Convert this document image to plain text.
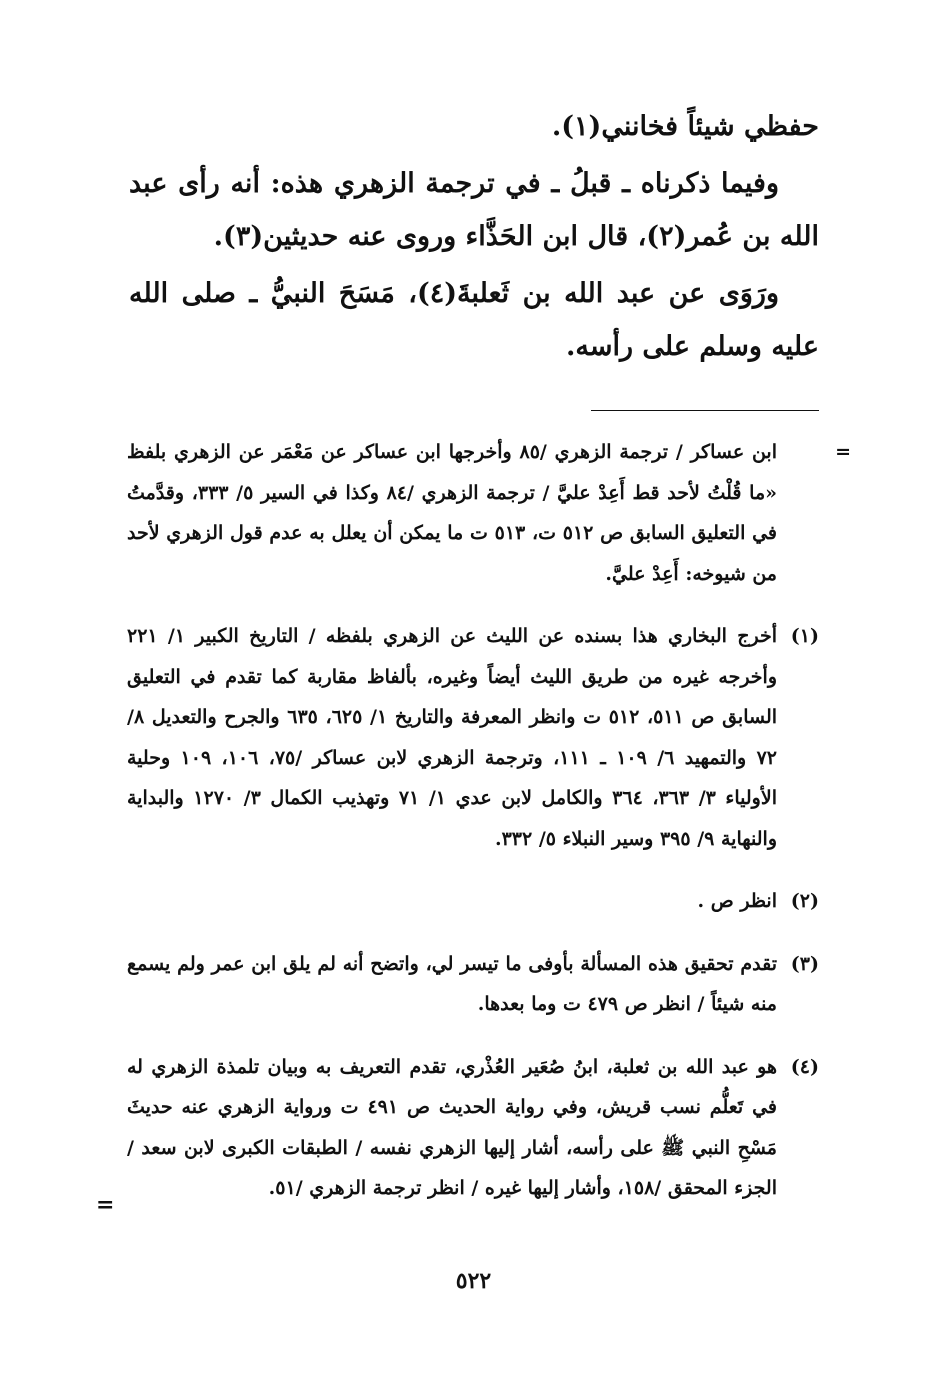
حفظي شيئاً فخانني(١).

وفيما ذكرناه ـ قبلُ ـ في ترجمة الزهري هذه: أنه رأى عبد الله بن عُمر(٢)، قال ابن الحَذَّاء وروى عنه حديثين(٣).

ورَوَى عن عبد الله بن ثَعلبةَ(٤)، مَسَحَ النبيُّ ـ صلى الله عليه وسلم على رأسه.

=
ابن عساكر / ترجمة الزهري /٨٥ وأخرجها ابن عساكر عن مَعْمَر عن الزهري بلفظ «ما قُلْتُ لأحد قط أَعِدْ عليَّ / ترجمة الزهري /٨٤ وكذا في السير ٥/ ٣٣٣، وقدَّمتُ في التعليق السابق ص ٥١٢ ت، ٥١٣ ت ما يمكن أن يعلل به عدم قول الزهري لأحد من شيوخه: أَعِدْ عليَّ.
(١)
أخرج البخاري هذا بسنده عن الليث عن الزهري بلفظه / التاريخ الكبير ١/ ٢٢١ وأخرجه غيره من طريق الليث أيضاً وغيره، بألفاظ مقاربة كما تقدم في التعليق السابق ص ٥١١، ٥١٢ ت وانظر المعرفة والتاريخ ١/ ٦٢٥، ٦٣٥ والجرح والتعديل ٨/ ٧٢ والتمهيد ٦/ ١٠٩ ـ ١١١، وترجمة الزهري لابن عساكر /٧٥، ١٠٦، ١٠٩ وحلية الأولياء ٣/ ٣٦٣، ٣٦٤ والكامل لابن عدي ١/ ٧١ وتهذيب الكمال ٣/ ١٢٧٠ والبداية والنهاية ٩/ ٣٩٥ وسير النبلاء ٥/ ٣٣٢.
(٢)
انظر ص .
(٣)
تقدم تحقيق هذه المسألة بأوفى ما تيسر لي، واتضح أنه لم يلق ابن عمر ولم يسمع منه شيئاً / انظر ص ٤٧٩ ت وما بعدها.
(٤)
هو عبد الله بن ثعلبة، ابنُ صُعَير العُذْري، تقدم التعريف به وبيان تلمذة الزهري له في تَعلُّم نسب قريش، وفي رواية الحديث ص ٤٩١ ت ورواية الزهري عنه حديثَ مَسْحِ النبي ﷺ على رأسه، أشار إليها الزهري نفسه / الطبقات الكبرى لابن سعد / الجزء المحقق /١٥٨، وأشار إليها غيره / انظر ترجمة الزهري /٥١.
=
٥٢٢
